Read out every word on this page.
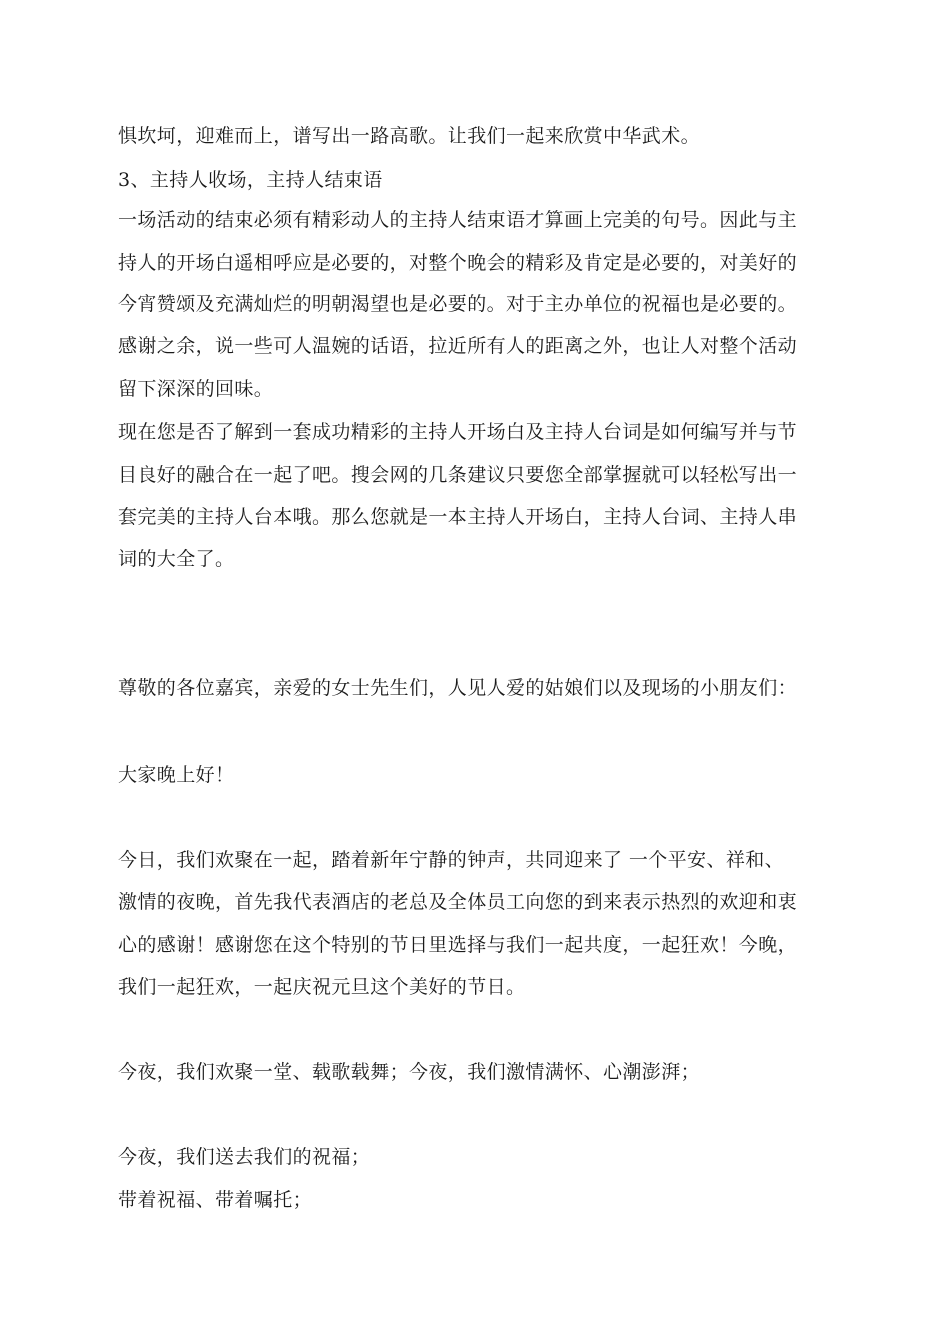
惧坎坷，迎难而上，谱写出一路高歌。让我们一起来欣赏中华武术。
3、主持人收场，主持人结束语
一场活动的结束必须有精彩动人的主持人结束语才算画上完美的句号。因此与主
持人的开场白遥相呼应是必要的，对整个晚会的精彩及肯定是必要的，对美好的
今宵赞颂及充满灿烂的明朝渴望也是必要的。对于主办单位的祝福也是必要的。
感谢之余，说一些可人温婉的话语，拉近所有人的距离之外，也让人对整个活动
留下深深的回味。
现在您是否了解到一套成功精彩的主持人开场白及主持人台词是如何编写并与节
目良好的融合在一起了吧。搜会网的几条建议只要您全部掌握就可以轻松写出一
套完美的主持人台本哦。那么您就是一本主持人开场白，主持人台词、主持人串
词的大全了。
尊敬的各位嘉宾，亲爱的女士先生们，人见人爱的姑娘们以及现场的小朋友们：
大家晚上好！
今日，我们欢聚在一起，踏着新年宁静的钟声，共同迎来了 一个平安、祥和、
激情的夜晚，首先我代表酒店的老总及全体员工向您的到来表示热烈的欢迎和衷
心的感谢！感谢您在这个特别的节日里选择与我们一起共度，一起狂欢！今晚，
我们一起狂欢，一起庆祝元旦这个美好的节日。
今夜，我们欢聚一堂、载歌载舞；今夜，我们激情满怀、心潮澎湃；
今夜，我们送去我们的祝福；
带着祝福、带着嘱托；
